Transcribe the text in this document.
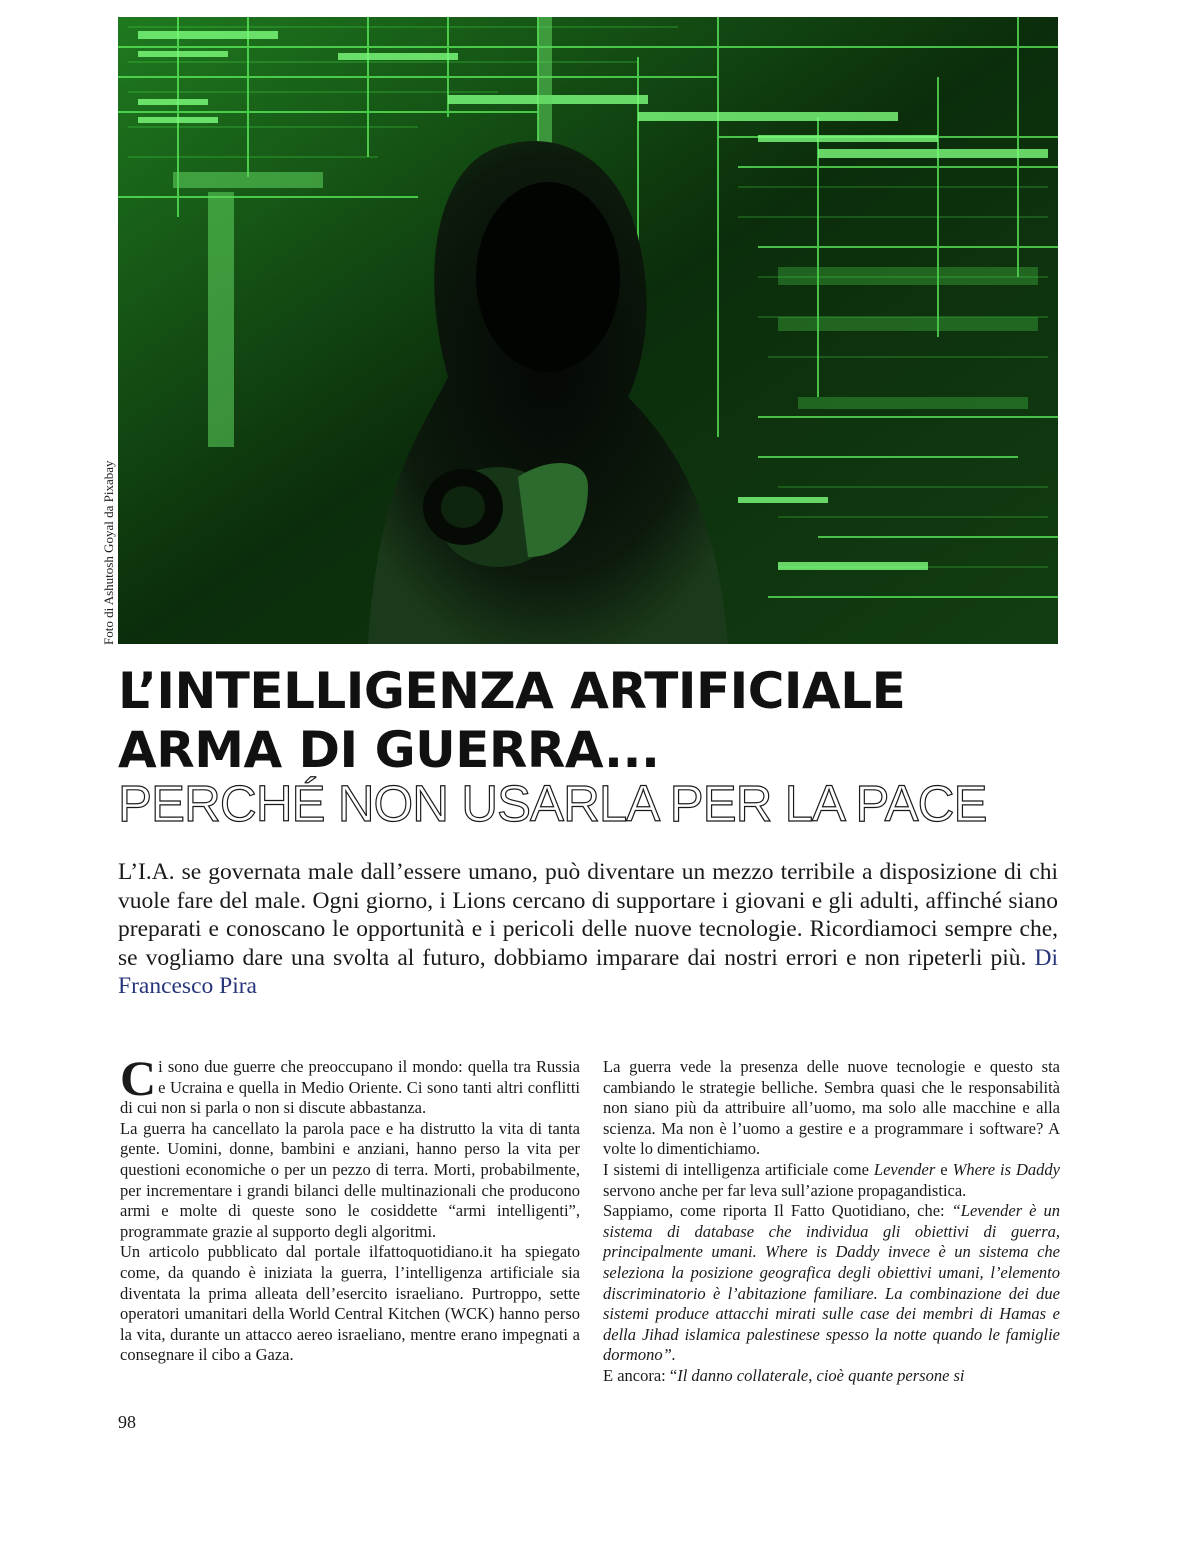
Foto di Ashutosh Goyal da Pixabay
L’INTELLIGENZA ARTIFICIALE
ARMA DI GUERRA...
PERCHÉ NON USARLA PER LA PACE
L’I.A. se governata male dall’essere umano, può diventare un mezzo terribile a disposizione di chi vuole fare del male. Ogni giorno, i Lions cercano di supportare i giovani e gli adulti, affinché siano preparati e conoscano le opportunità e i pericoli delle nuove tecnologie. Ricordiamoci sempre che, se vogliamo dare una svolta al futuro, dobbiamo imparare dai nostri errori e non ripeterli più. Di Francesco Pira

Ci sono due guerre che preoccupano il mondo: quella tra Russia e Ucraina e quella in Medio Oriente. Ci sono tanti altri conflitti di cui non si parla o non si discute abbastanza.

La guerra ha cancellato la parola pace e ha distrutto la vita di tanta gente. Uomini, donne, bambini e anziani, hanno perso la vita per questioni economiche o per un pezzo di terra. Morti, probabilmente, per incrementare i grandi bilanci delle multinazionali che producono armi e molte di queste sono le cosiddette “armi intelligenti”, programmate grazie al supporto degli algoritmi.

Un articolo pubblicato dal portale ilfattoquotidiano.it ha spiegato come, da quando è iniziata la guerra, l’intelligenza artificiale sia diventata la prima alleata dell’esercito israeliano. Purtroppo, sette operatori umanitari della World Central Kitchen (WCK) hanno perso la vita, durante un attacco aereo israeliano, mentre erano impegnati a consegnare il cibo a Gaza.

La guerra vede la presenza delle nuove tecnologie e questo sta cambiando le strategie belliche. Sembra quasi che le responsabilità non siano più da attribuire all’uomo, ma solo alle macchine e alla scienza. Ma non è l’uomo a gestire e a programmare i software? A volte lo dimentichiamo.

I sistemi di intelligenza artificiale come Levender e Where is Daddy servono anche per far leva sull’azione propagandistica.

Sappiamo, come riporta Il Fatto Quotidiano, che: “Levender è un sistema di database che individua gli obiettivi di guerra, principalmente umani. Where is Daddy invece è un sistema che seleziona la posizione geografica degli obiettivi umani, l’elemento discriminatorio è l’abitazione familiare. La combinazione dei due sistemi produce attacchi mirati sulle case dei membri di Hamas e della Jihad islamica palestinese spesso la notte quando le famiglie dormono”.

E ancora: “Il danno collaterale, cioè quante persone si

98
